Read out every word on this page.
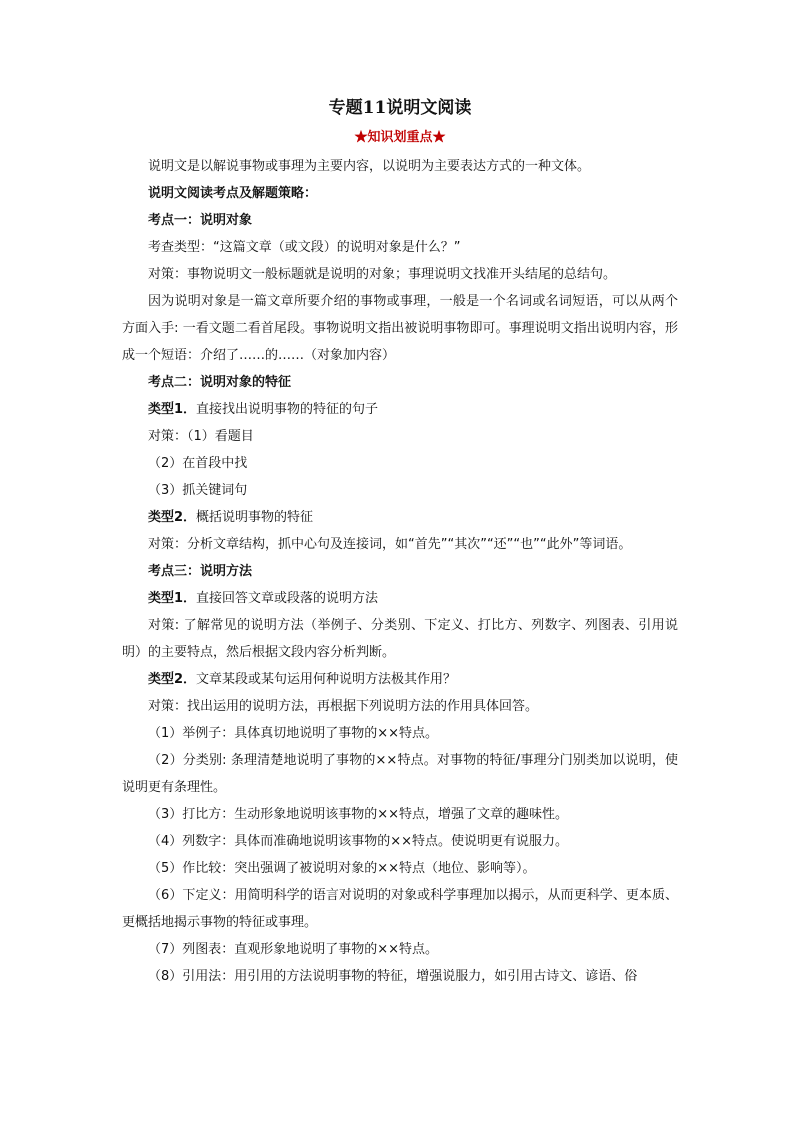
专题11说明文阅读
★知识划重点★

说明文是以解说事物或事理为主要内容，以说明为主要表达方式的一种文体。

说明文阅读考点及解题策略：

考点一：说明对象

考查类型：“这篇文章（或文段）的说明对象是什么？”

对策：事物说明文一般标题就是说明的对象；事理说明文找准开头结尾的总结句。

因为说明对象是一篇文章所要介绍的事物或事理，一般是一个名词或名词短语，可以从两个方面入手: 一看文题二看首尾段。事物说明文指出被说明事物即可。事理说明文指出说明内容，形成一个短语：介绍了……的……（对象加内容）

考点二：说明对象的特征

类型1．直接找出说明事物的特征的句子

对策：（1）看题目

（2）在首段中找

（3）抓关键词句

类型2．概括说明事物的特征

对策：分析文章结构，抓中心句及连接词，如“首先”“其次”“还”“也”“此外”等词语。

考点三：说明方法

类型1．直接回答文章或段落的说明方法

对策: 了解常见的说明方法（举例子、分类别、下定义、打比方、列数字、列图表、引用说明）的主要特点，然后根据文段内容分析判断。

类型2．文章某段或某句运用何种说明方法极其作用？

对策：找出运用的说明方法，再根据下列说明方法的作用具体回答。

（1）举例子：具体真切地说明了事物的××特点。

（2）分类别: 条理清楚地说明了事物的××特点。对事物的特征/事理分门别类加以说明，使说明更有条理性。

（3）打比方：生动形象地说明该事物的××特点，增强了文章的趣味性。

（4）列数字：具体而准确地说明该事物的××特点。使说明更有说服力。

（5）作比较：突出强调了被说明对象的××特点（地位、影响等）。

（6）下定义：用简明科学的语言对说明的对象或科学事理加以揭示，从而更科学、更本质、更概括地揭示事物的特征或事理。

（7）列图表：直观形象地说明了事物的××特点。

（8）引用法：用引用的方法说明事物的特征，增强说服力，如引用古诗文、谚语、俗
